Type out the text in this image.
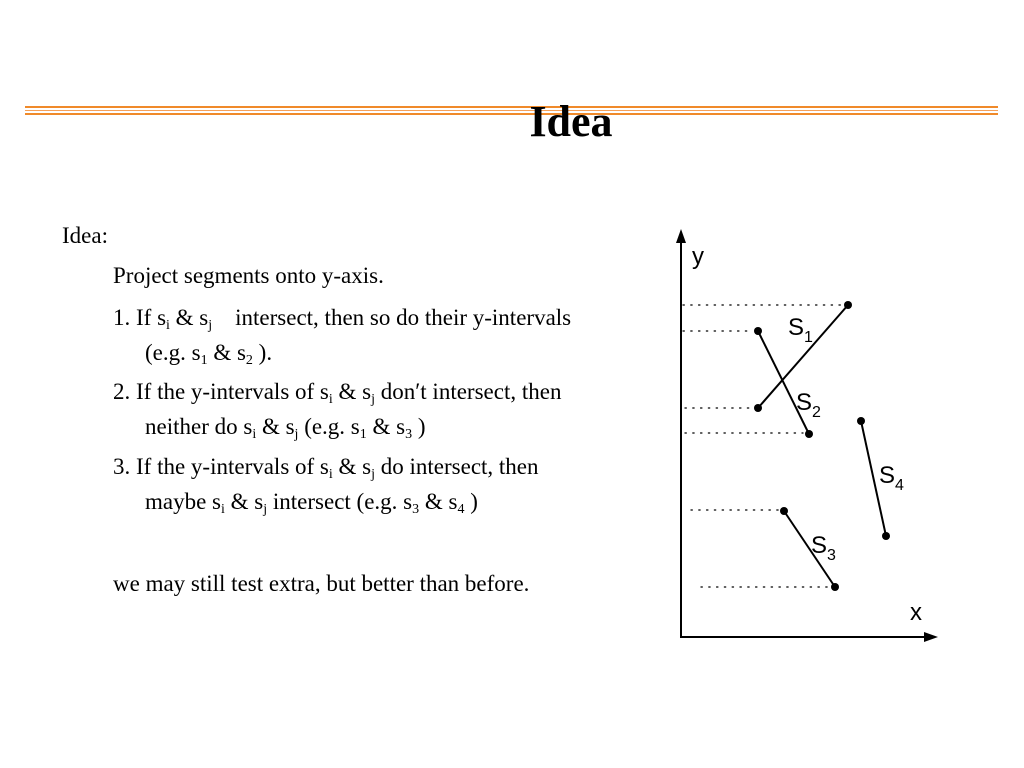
Idea
Idea:
Project segments onto y-axis.
1. If $s_i$ & $s_j$    intersect, then so do their y-intervals
(e.g. $s_1$ & $s_2$ ).
2. If the y-intervals of $s_i$ & $s_j$ don′t intersect, then
neither do $s_i$ & $s_j$ (e.g. $s_1$ & $s_3$ )
3. If the y-intervals of $s_i$ & $s_j$ do intersect, then
maybe $s_i$ & $s_j$ intersect (e.g. $s_3$ & $s_4$ )
we may still test extra, but better than before.
y
x
$S_1$
$S_2$
$S_4$
$S_3$
